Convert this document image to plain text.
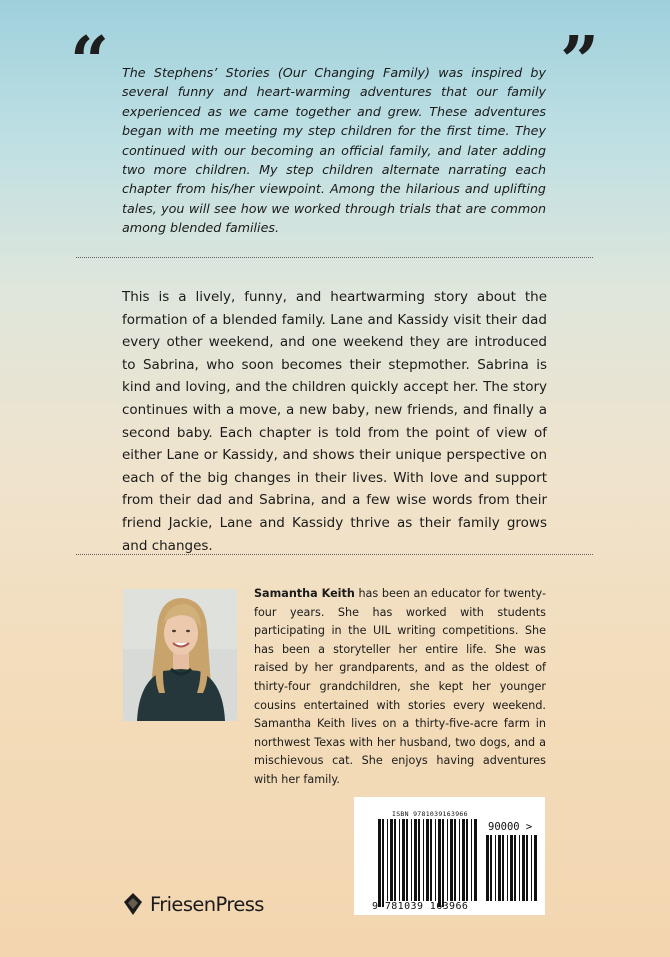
“ The Stephens’ Stories (Our Changing Family) was inspired by several funny and heart-warming adventures that our family experienced as we came together and grew. These adventures began with me meeting my step children for the first time. They continued with our becoming an official family, and later adding two more children. My step children alternate narrating each chapter from his/her viewpoint. Among the hilarious and uplifting tales, you will see how we worked through trials that are common among blended families.

”

This is a lively, funny, and heartwarming story about the formation of a blended family. Lane and Kassidy visit their dad every other weekend, and one weekend they are introduced to Sabrina, who soon becomes their stepmother. Sabrina is kind and loving, and the children quickly accept her. The story continues with a move, a new baby, new friends, and finally a second baby. Each chapter is told from the point of view of either Lane or Kassidy, and shows their unique perspective on each of the big changes in their lives. With love and support from their dad and Sabrina, and a few wise words from their friend Jackie, Lane and Kassidy thrive as their family grows and changes.

Samantha Keith has been an educator for twenty-four years. She has worked with students participating in the UIL writing competitions. She has been a storyteller her entire life. She was raised by her grandparents, and as the oldest of thirty-four grandchildren, she kept her younger cousins entertained with stories every weekend. Samantha Keith lives on a thirty-five-acre farm in northwest Texas with her husband, two dogs, and a mischievous cat. She enjoys having adventures with her family.

ISBN 9781039163966
90000 >
9 781039 163966
FriesenPress
